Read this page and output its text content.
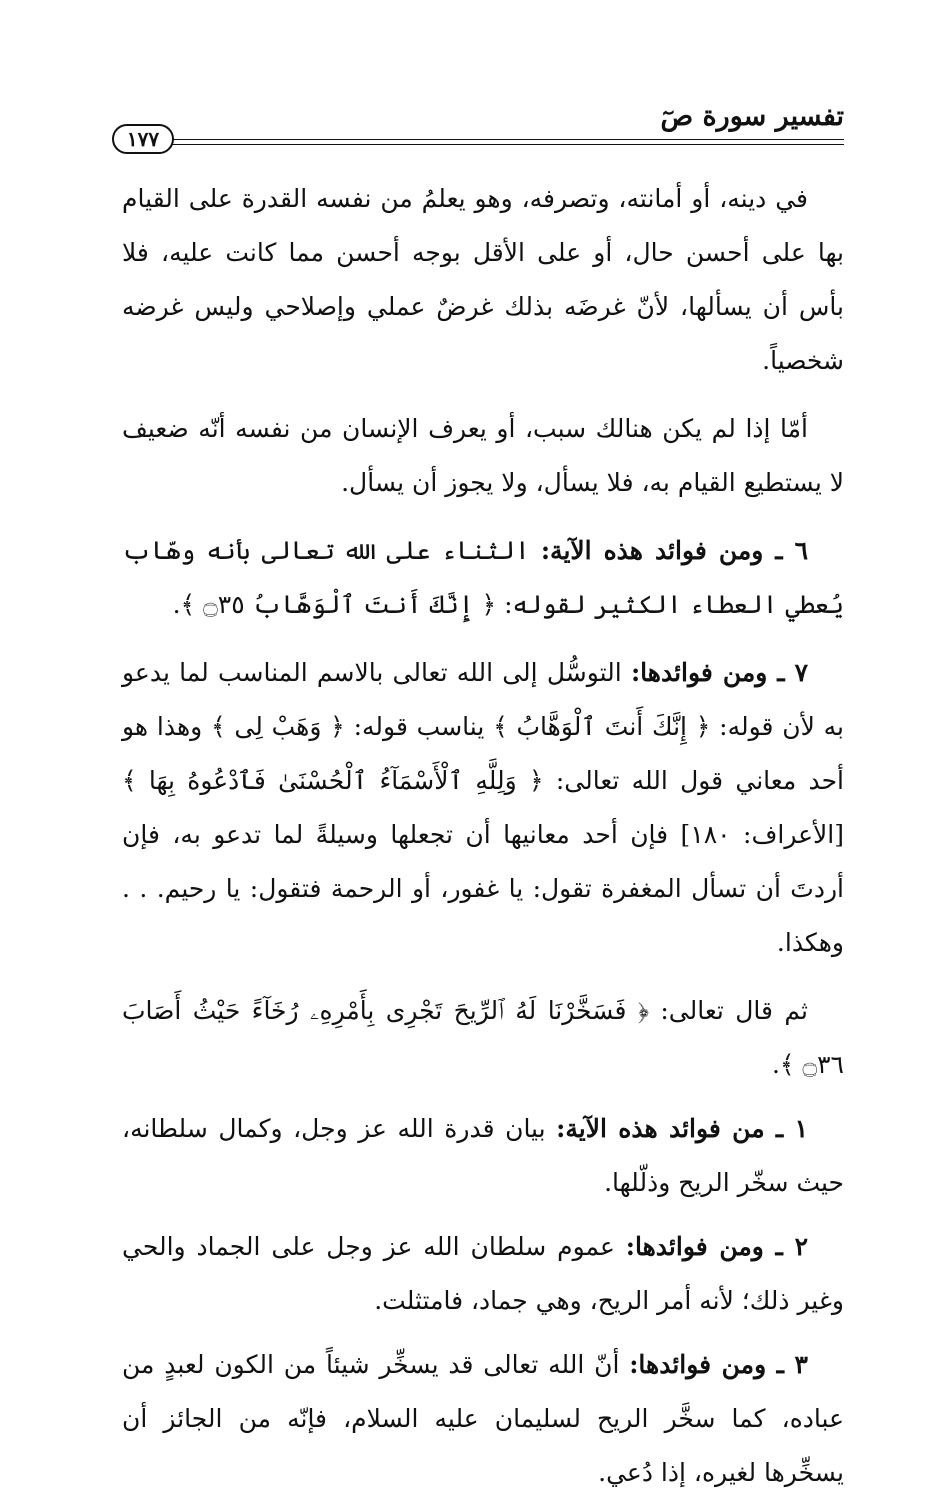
تفسير سورة صٓ
١٧٧

في دينه، أو أمانته، وتصرفه، وهو يعلمُ من نفسه القدرة على القيام بها على أحسن حال، أو على الأقل بوجه أحسن مما كانت عليه، فلا بأس أن يسألها، لأنّ غرضَه بذلك غرضٌ عملي وإصلاحي وليس غرضه شخصياً.

أمّا إذا لم يكن هنالك سبب، أو يعرف الإنسان من نفسه أنّه ضعيف لا يستطيع القيام به، فلا يسأل، ولا يجوز أن يسأل.

٦ ـ ومن فوائد هذه الآية: الثناء على الله تعالى بأنه وهّاب يُعطي العطاء الكثير لقوله: ﴿ إِنَّكَ أَنتَ ٱلْوَهَّابُ ۝٣٥ ﴾.

٧ ـ ومن فوائدها: التوسُّل إلى الله تعالى بالاسم المناسب لما يدعو به لأن قوله: ﴿ إِنَّكَ أَنتَ ٱلْوَهَّابُ ﴾ يناسب قوله: ﴿ وَهَبْ لِى ﴾ وهذا هو أحد معاني قول الله تعالى: ﴿ وَلِلَّهِ ٱلْأَسْمَآءُ ٱلْحُسْنَىٰ فَٱدْعُوهُ بِهَا ﴾ [الأعراف: ١٨٠] فإن أحد معانيها أن تجعلها وسيلةً لما تدعو به، فإن أردتَ أن تسأل المغفرة تقول: يا غفور، أو الرحمة فتقول: يا رحيم. . . وهكذا.

ثم قال تعالى: ﴿ فَسَخَّرْنَا لَهُ ٱلرِّيحَ تَجْرِى بِأَمْرِهِۦ رُخَآءً حَيْثُ أَصَابَ ۝٣٦ ﴾.

١ ـ من فوائد هذه الآية: بيان قدرة الله عز وجل، وكمال سلطانه، حيث سخّر الريح وذلّلها.

٢ ـ ومن فوائدها: عموم سلطان الله عز وجل على الجماد والحي وغير ذلك؛ لأنه أمر الريح، وهي جماد، فامتثلت.

٣ ـ ومن فوائدها: أنّ الله تعالى قد يسخِّر شيئاً من الكون لعبدٍ من عباده، كما سخَّر الريح لسليمان عليه السلام، فإنّه من الجائز أن يسخِّرها لغيره، إذا دُعي.
